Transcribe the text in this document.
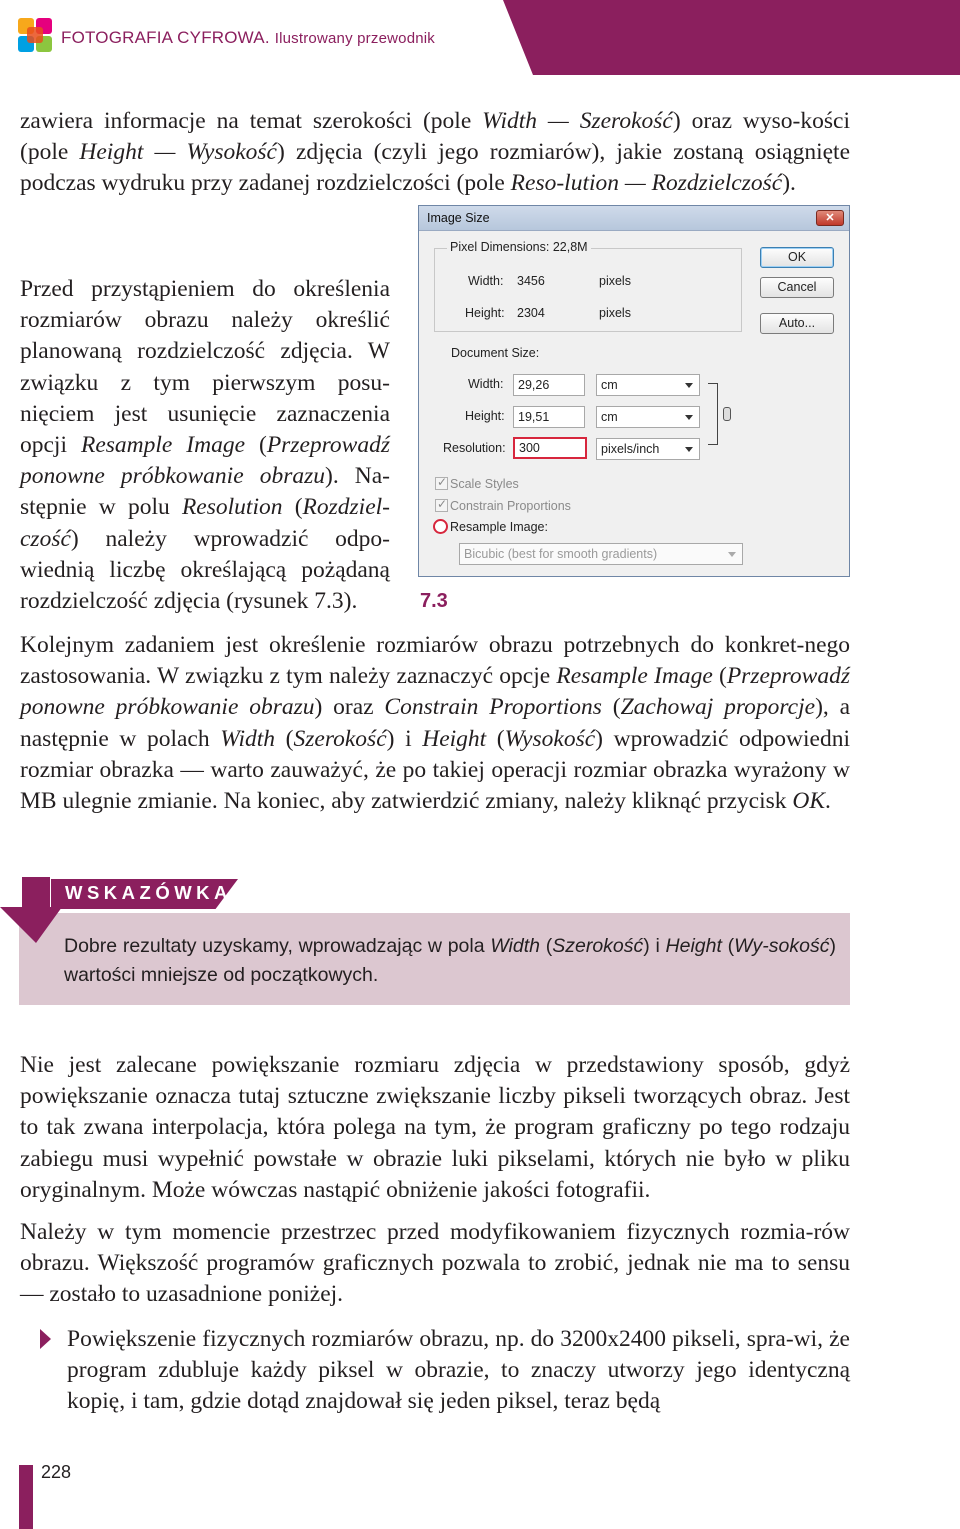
FOTOGRAFIA CYFROWA. Ilustrowany przewodnik

zawiera informacje na temat szerokości (pole Width — Szerokość) oraz wyso-kości (pole Height — Wysokość) zdjęcia (czyli jego rozmiarów), jakie zostaną osiągnięte podczas wydruku przy zadanej rozdzielczości (pole Reso-lution — Rozdzielczość).

Przed przystąpieniem do określenia rozmiarów obrazu należy określić planowaną rozdzielczość zdjęcia. W związku z tym pierwszym posu-nięciem jest usunięcie zaznaczenia opcji Resample Image (Przeprowadź ponowne próbkowanie obrazu). Na-stępnie w polu Resolution (Rozdziel-czość) należy wprowadzić odpo-wiednią liczbę określającą pożądaną rozdzielczość zdjęcia (rysunek 7.3).

Image Size	✕
Pixel Dimensions: 22,8M
Width: 3456	pixels
Height: 2304	pixels
Document Size:
Width:	29,26	cm
Height:	19,51	cm
Resolution:	300	pixels/inch
✓
Scale Styles
✓
Constrain Proportions
Resample Image:
Bicubic (best for smooth gradients)
OK
Cancel
Auto...
7.3

Kolejnym zadaniem jest określenie rozmiarów obrazu potrzebnych do konkret-nego zastosowania. W związku z tym należy zaznaczyć opcje Resample Image (Przeprowadź ponowne próbkowanie obrazu) oraz Constrain Proportions (Zachowaj proporcje), a następnie w polach Width (Szerokość) i Height (Wysokość) wprowadzić odpowiedni rozmiar obrazka — warto zauważyć, że po takiej operacji rozmiar obrazka wyrażony w MB ulegnie zmianie. Na koniec, aby zatwierdzić zmiany, należy kliknąć przycisk OK.

WSKAZÓWKA

Dobre rezultaty uzyskamy, wprowadzając w pola Width (Szerokość) i Height (Wy-sokość) wartości mniejsze od początkowych.

Nie jest zalecane powiększanie rozmiaru zdjęcia w przedstawiony sposób, gdyż powiększanie oznacza tutaj sztuczne zwiększanie liczby pikseli tworzących obraz. Jest to tak zwana interpolacja, która polega na tym, że program graficzny po tego rodzaju zabiegu musi wypełnić powstałe w obrazie luki pikselami, których nie było w pliku oryginalnym. Może wówczas nastąpić obniżenie jakości fotografii.

Należy w tym momencie przestrzec przed modyfikowaniem fizycznych rozmia-rów obrazu. Większość programów graficznych pozwala to zrobić, jednak nie ma to sensu — zostało to uzasadnione poniżej.

Powiększenie fizycznych rozmiarów obrazu, np. do 3200x2400 pikseli, spra-wi, że program zdubluje każdy piksel w obrazie, to znaczy utworzy jego identyczną kopię, i tam, gdzie dotąd znajdował się jeden piksel, teraz będą

228
